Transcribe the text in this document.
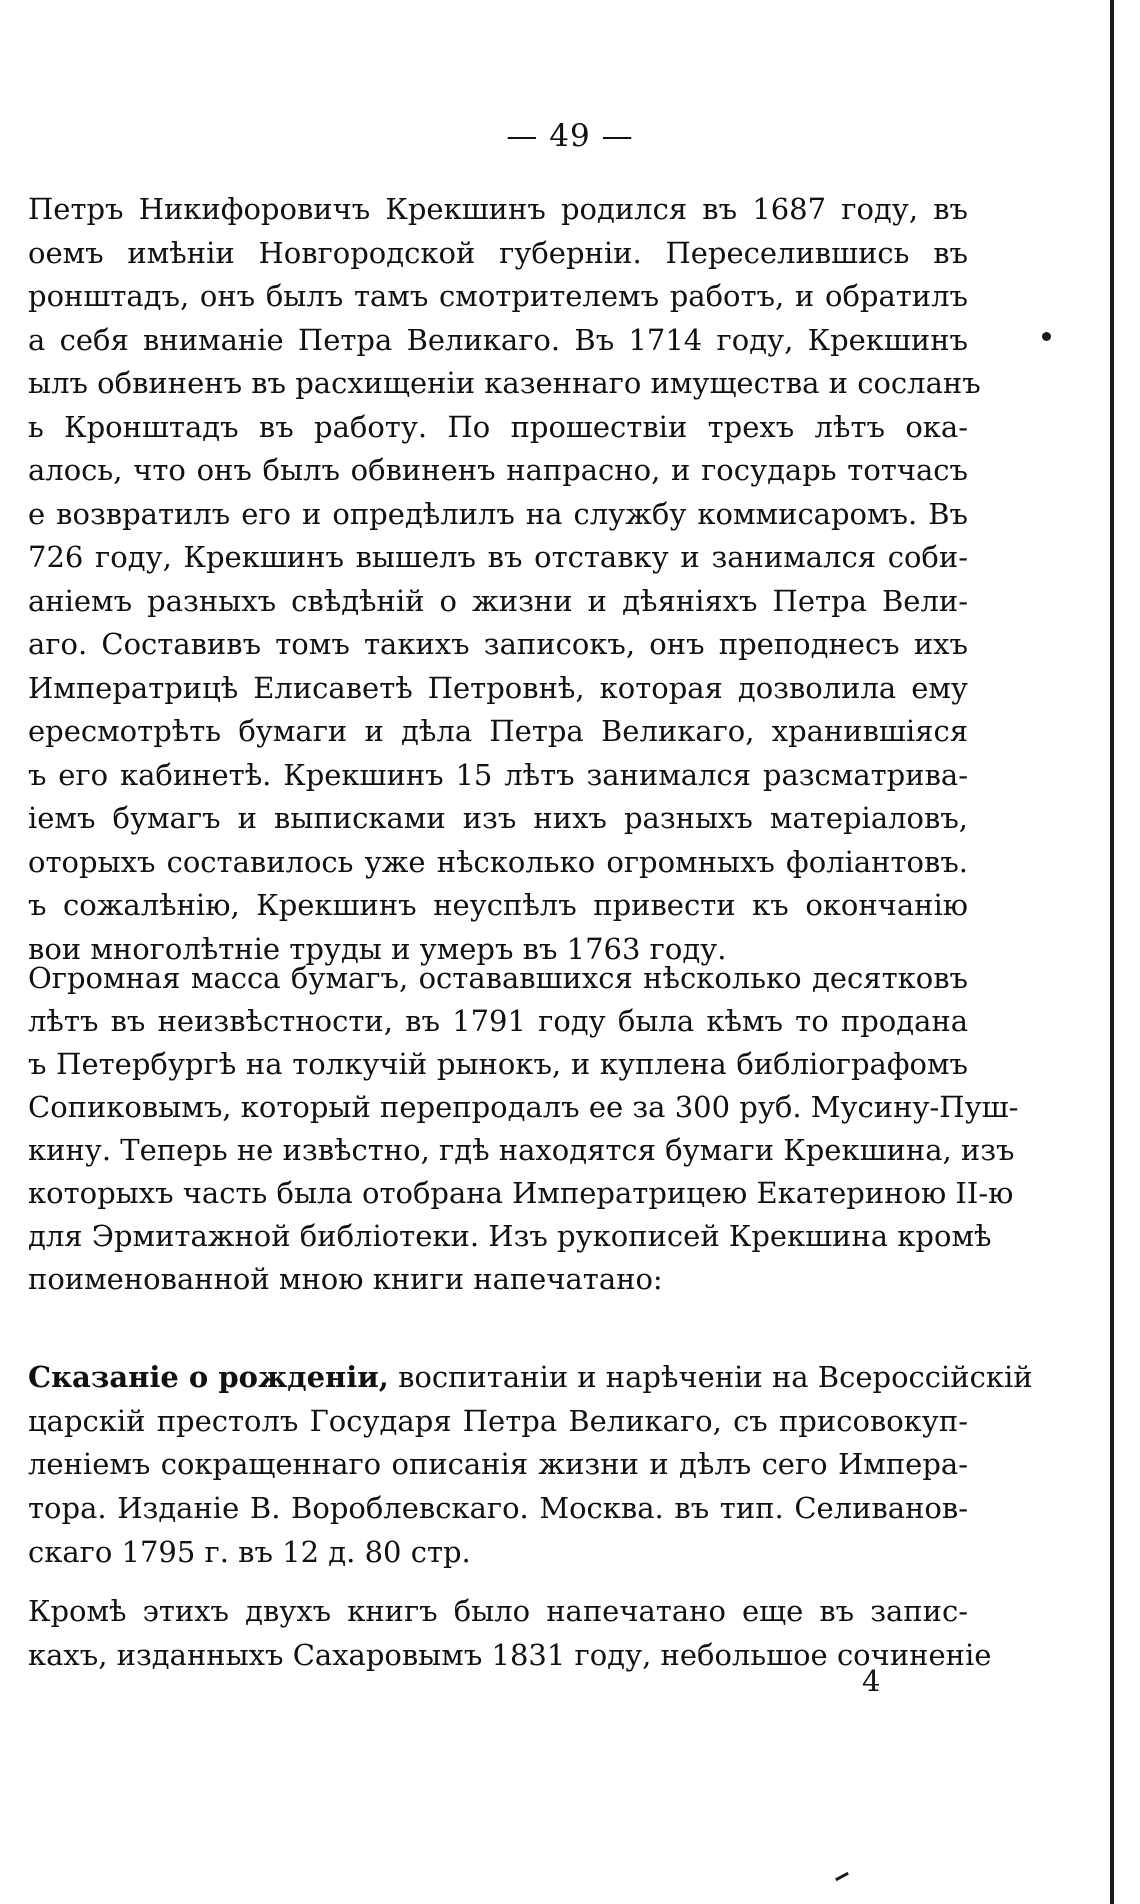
— 49 —
Петръ Никифоровичъ Крекшинъ родился въ 1687 году, въ
оемъ имѣніи Новгородской губерніи. Переселившись въ
ронштадъ, онъ былъ тамъ смотрителемъ работъ, и обратилъ
а себя вниманіе Петра Великаго. Въ 1714 году, Крекшинъ
ылъ обвиненъ въ расхищеніи казеннаго имущества и сосланъ
ь Кронштадъ въ работу. По прошествіи трехъ лѣтъ ока-
алось, что онъ былъ обвиненъ напрасно, и государь тотчасъ
е возвратилъ его и опредѣлилъ на службу коммисаромъ. Въ
726 году, Крекшинъ вышелъ въ отставку и занимался соби-
аніемъ разныхъ свѣдѣній о жизни и дѣяніяхъ Петра Вели-
аго. Составивъ томъ такихъ записокъ, онъ преподнесъ ихъ
Императрицѣ Елисаветѣ Петровнѣ, которая дозволила ему
ересмотрѣть бумаги и дѣла Петра Великаго, хранившіяся
ъ его кабинетѣ. Крекшинъ 15 лѣтъ занимался разсматрива-
іемъ бумагъ и выписками изъ нихъ разныхъ матеріаловъ,
оторыхъ составилось уже нѣсколько огромныхъ фоліантовъ.
ъ сожалѣнію, Крекшинъ неуспѣлъ привести къ окончанію
вои многолѣтніе труды и умеръ въ 1763 году.
Огромная масса бумагъ, остававшихся нѣсколько десятковъ
лѣтъ въ неизвѣстности, въ 1791 году была кѣмъ то продана
ъ Петербургѣ на толкучій рынокъ, и куплена библіографомъ
Сопиковымъ, который перепродалъ ее за 300 руб. Мусину-Пуш-
кину. Теперь не извѣстно, гдѣ находятся бумаги Крекшина, изъ
которыхъ часть была отобрана Императрицею Екатериною II-ю
для Эрмитажной библіотеки. Изъ рукописей Крекшина кромѣ
поименованной мною книги напечатано:
Сказаніе о рожденіи, воспитаніи и нарѣченіи на Всероссійскій
царскій престолъ Государя Петра Великаго, съ присовокуп-
леніемъ сокращеннаго описанія жизни и дѣлъ сего Импера-
тора. Изданіе В. Вороблевскаго. Москва. въ тип. Селиванов-
скаго 1795 г. въ 12 д. 80 стр.
Кромѣ этихъ двухъ книгъ было напечатано еще въ запис-
кахъ, изданныхъ Сахаровымъ 1831 году, небольшое сочиненіе
4
